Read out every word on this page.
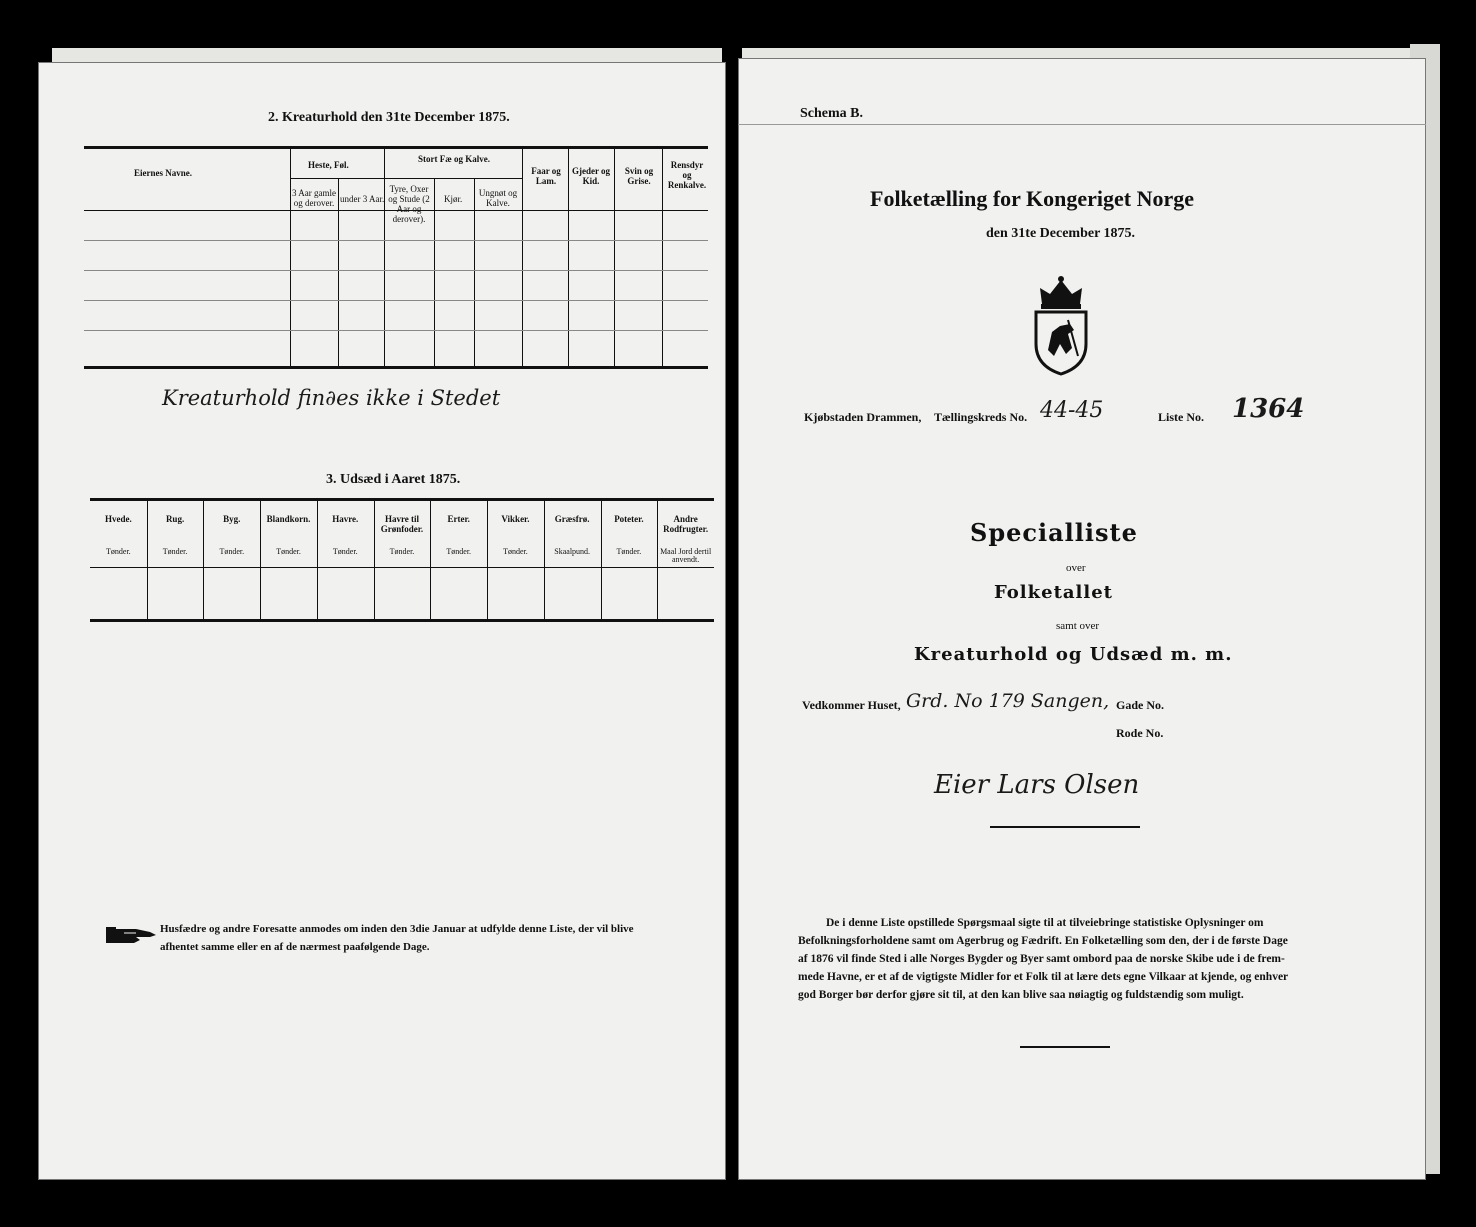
2. Kreaturhold den 31te December 1875.
Eiernes Navne.
Heste, Føl.
3 Aar gamle og derover. under 3 Aar.
Stort Fæ og Kalve.
Tyre, Oxer og Stude (2 Aar og derover).
Kjør.
Ungnøt og Kalve.
Faar og Lam.
Gjeder og Kid.
Svin og Grise.
Rensdyr og Renkalve.
Kreaturhold fin∂es ikke i Stedet
3. Udsæd i Aaret 1875.
Hvede.
Tønder.
Rug.
Tønder.
Byg.
Tønder.
Blandkorn.
Tønder.
Havre.
Tønder.
Havre til Grønfoder.
Tønder.
Erter.
Tønder.
Vikker.
Tønder.
Græsfrø.
Skaalpund.
Poteter.
Tønder.
Andre Rodfrugter.
Maal Jord dertil anvendt.
Husfædre og andre Foresatte anmodes om inden den 3die Januar at udfylde denne Liste, der vil blive
afhentet samme eller en af de nærmest paafølgende Dage.
Schema B.
Folketælling for Kongeriget Norge
den 31te December 1875.
Kjøbstaden Drammen, Tællingskreds No. 44-45	Liste No. 1364
Specialliste
over
Folketallet
samt over
Kreaturhold og Udsæd m. m.
Vedkommer Huset, Grd. No 179 Sangen, Gade No.
Rode No.
Eier Lars Olsen
De i denne Liste opstillede Spørgsmaal sigte til at tilveiebringe statistiske Oplysninger om
Befolkningsforholdene samt om Agerbrug og Fædrift. En Folketælling som den, der i de første Dage
af 1876 vil finde Sted i alle Norges Bygder og Byer samt ombord paa de norske Skibe ude i de frem-
mede Havne, er et af de vigtigste Midler for et Folk til at lære dets egne Vilkaar at kjende, og enhver
god Borger bør derfor gjøre sit til, at den kan blive saa nøiagtig og fuldstændig som muligt.
